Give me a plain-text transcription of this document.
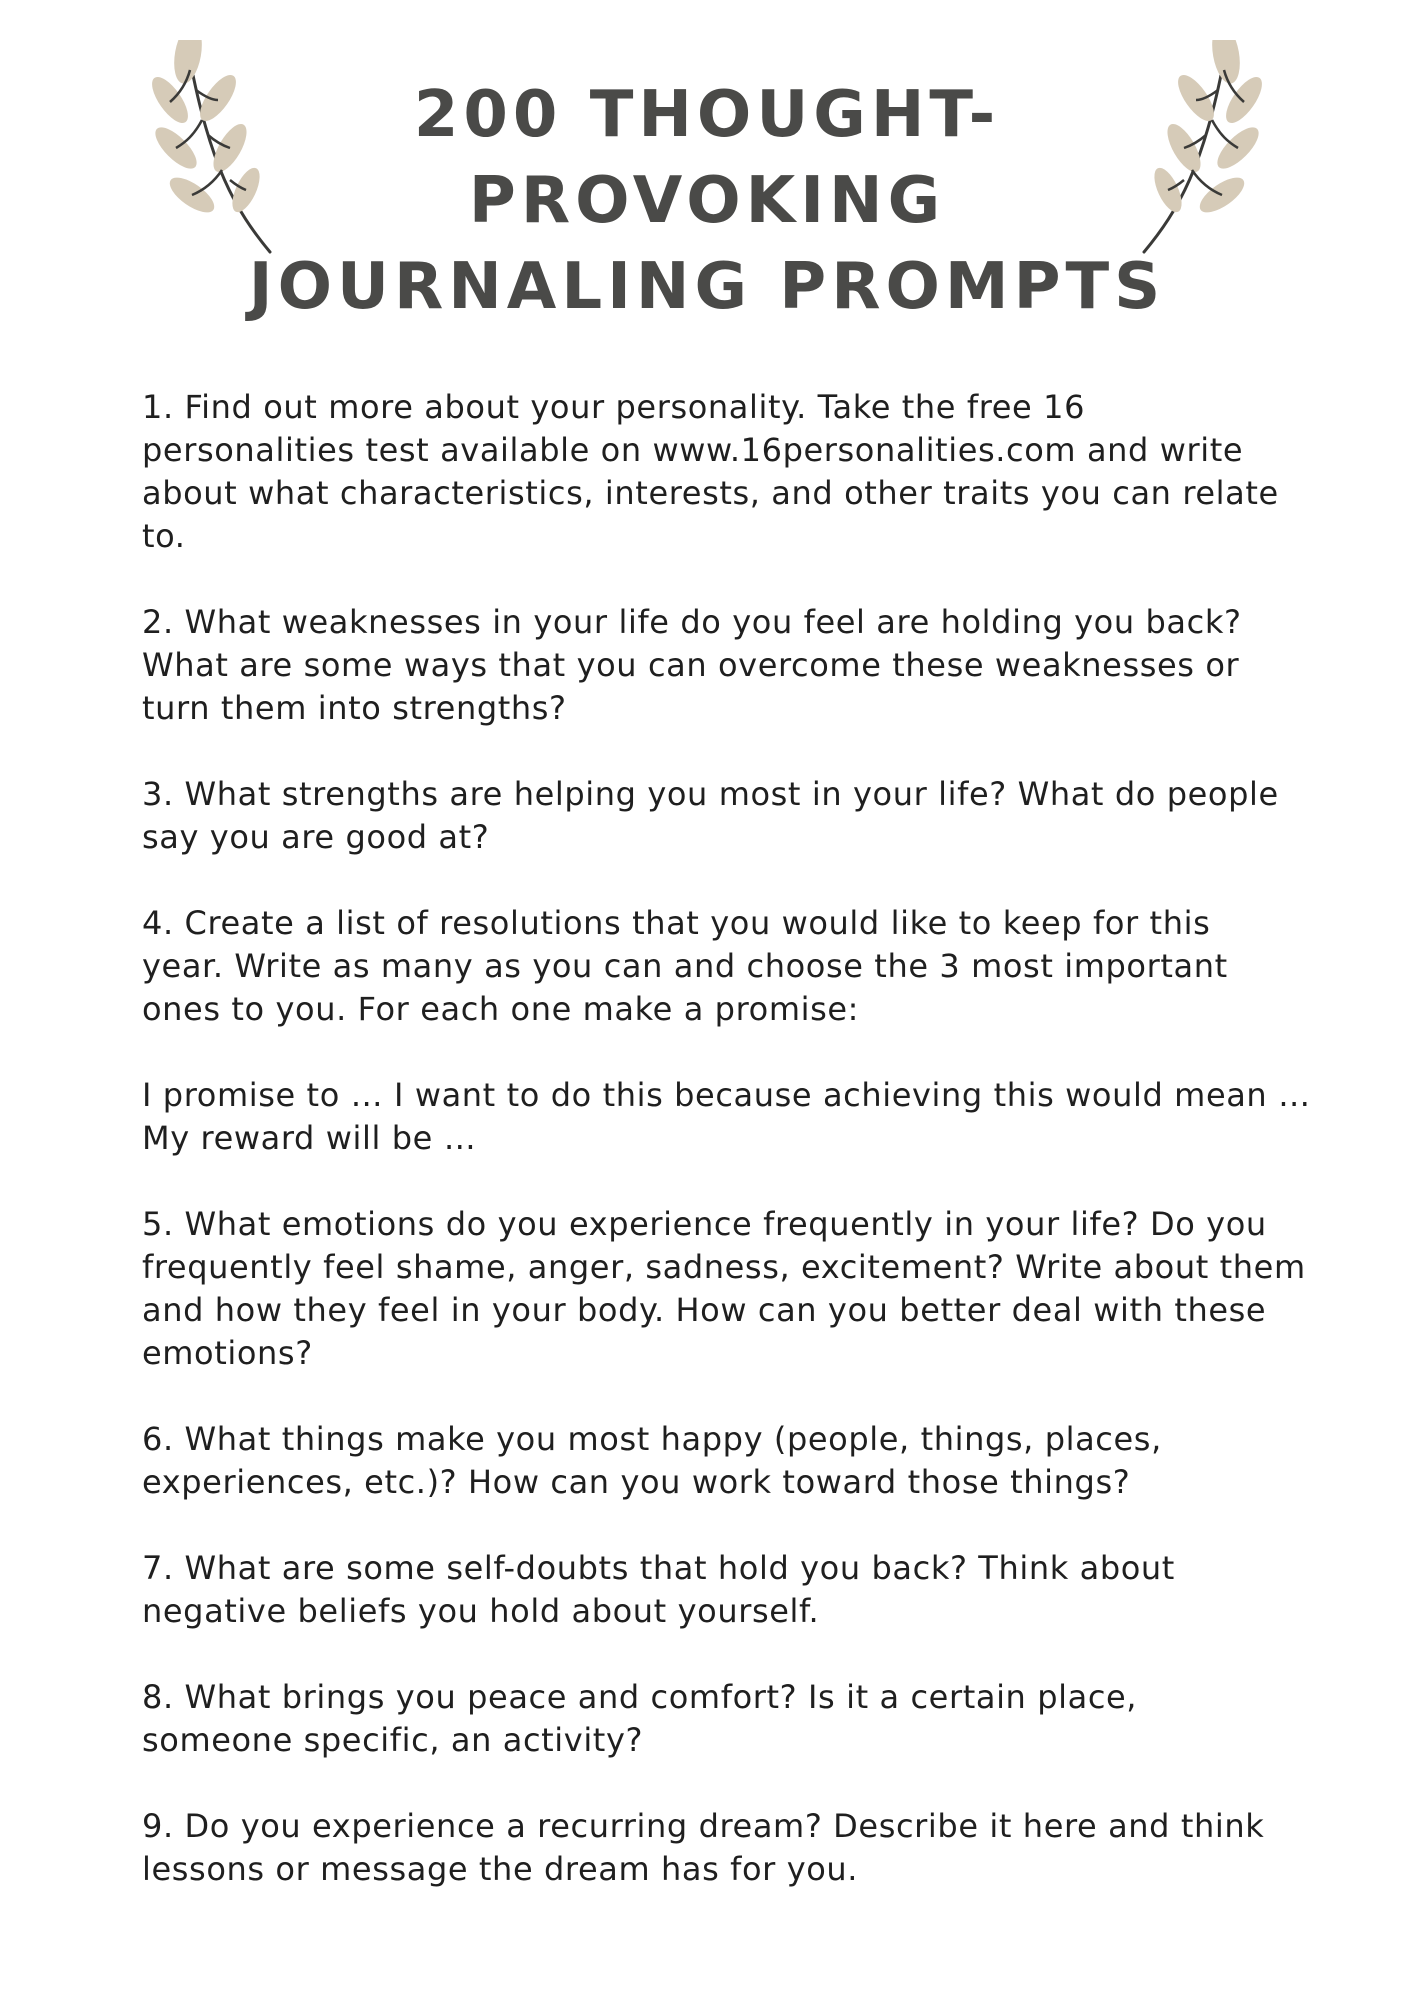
200 THOUGHT-PROVOKING
JOURNALING PROMPTS

1. Find out more about your personality. Take the free 16
personalities test available on www.16personalities.com and write
about what characteristics, interests, and other traits you can relate
to.

2. What weaknesses in your life do you feel are holding you back?
What are some ways that you can overcome these weaknesses or
turn them into strengths?

3. What strengths are helping you most in your life? What do people
say you are good at?

4. Create a list of resolutions that you would like to keep for this
year. Write as many as you can and choose the 3 most important
ones to you. For each one make a promise:

I promise to … I want to do this because achieving this would mean …
My reward will be …

5. What emotions do you experience frequently in your life? Do you
frequently feel shame, anger, sadness, excitement? Write about them
and how they feel in your body. How can you better deal with these
emotions?

6. What things make you most happy (people, things, places,
experiences, etc.)? How can you work toward those things?

7. What are some self-doubts that hold you back? Think about
negative beliefs you hold about yourself.

8. What brings you peace and comfort? Is it a certain place,
someone specific, an activity?

9. Do you experience a recurring dream? Describe it here and think
lessons or message the dream has for you.
